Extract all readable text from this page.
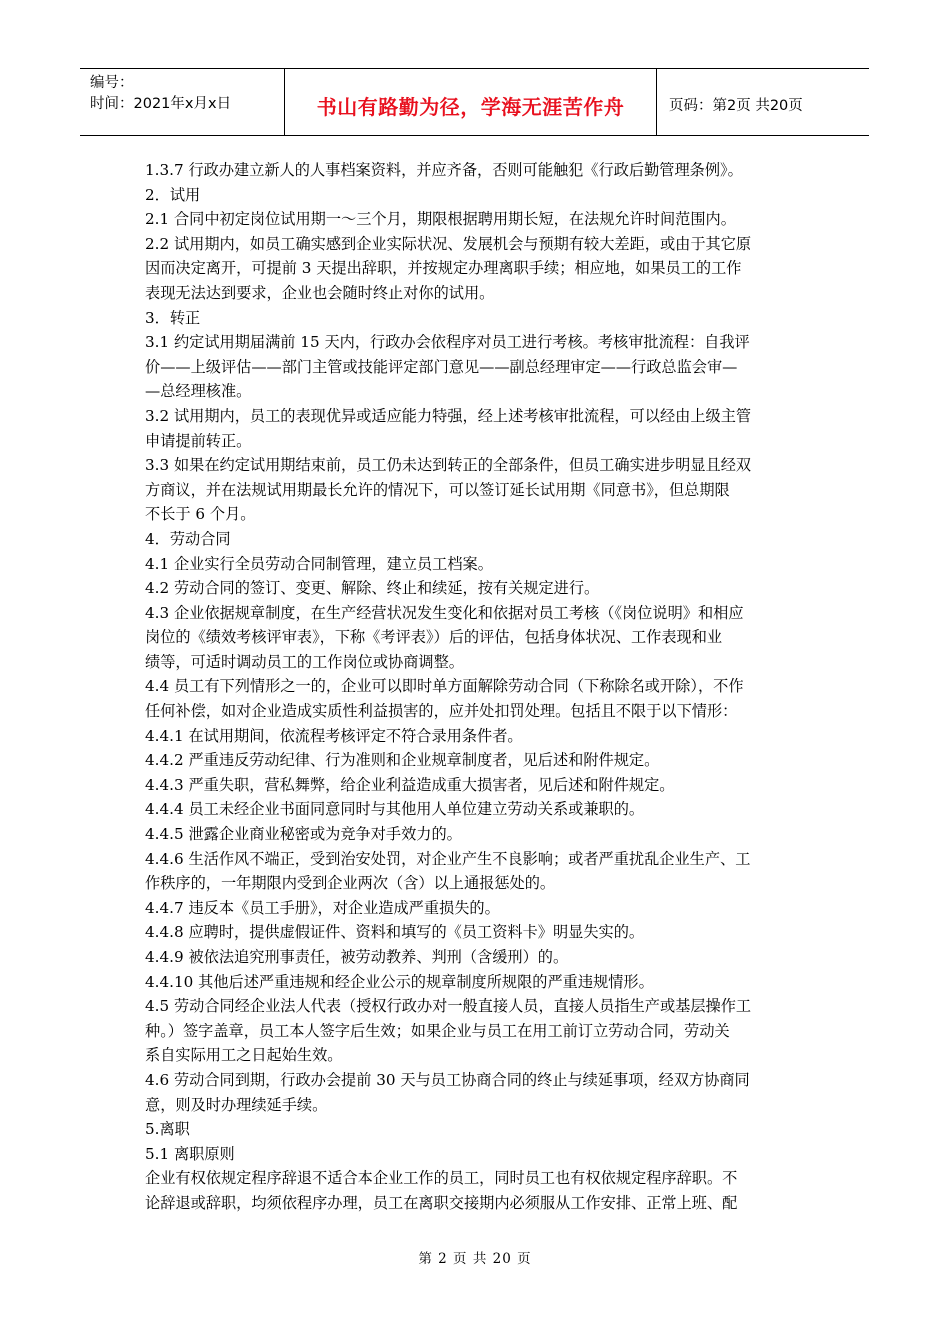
编号：
时间：2021年x月x日	书山有路勤为径，学海无涯苦作舟	页码：第2页 共20页
1.3.7 行政办建立新人的人事档案资料，并应齐备，否则可能触犯《行政后勤管理条例》。
2．试用
2.1 合同中初定岗位试用期一～三个月，期限根据聘用期长短，在法规允许时间范围内。
2.2 试用期内，如员工确实感到企业实际状况、发展机会与预期有较大差距，或由于其它原
因而决定离开，可提前 3 天提出辞职，并按规定办理离职手续；相应地，如果员工的工作
表现无法达到要求，企业也会随时终止对你的试用。
3．转正
3.1 约定试用期届满前 15 天内，行政办会依程序对员工进行考核。考核审批流程：自我评
价——上级评估——部门主管或技能评定部门意见——副总经理审定——行政总监会审—
—总经理核准。
3.2 试用期内，员工的表现优异或适应能力特强，经上述考核审批流程，可以经由上级主管
申请提前转正。
3.3 如果在约定试用期结束前，员工仍未达到转正的全部条件，但员工确实进步明显且经双
方商议，并在法规试用期最长允许的情况下，可以签订延长试用期《同意书》，但总期限
不长于 6 个月。
4．劳动合同
4.1 企业实行全员劳动合同制管理，建立员工档案。
4.2 劳动合同的签订、变更、解除、终止和续延，按有关规定进行。
4.3 企业依据规章制度，在生产经营状况发生变化和依据对员工考核（《岗位说明》和相应
岗位的《绩效考核评审表》，下称《考评表》）后的评估，包括身体状况、工作表现和业
绩等，可适时调动员工的工作岗位或协商调整。
4.4 员工有下列情形之一的，企业可以即时单方面解除劳动合同（下称除名或开除），不作
任何补偿，如对企业造成实质性利益损害的，应并处扣罚处理。包括且不限于以下情形：
4.4.1 在试用期间，依流程考核评定不符合录用条件者。
4.4.2 严重违反劳动纪律、行为准则和企业规章制度者，见后述和附件规定。
4.4.3 严重失职，营私舞弊，给企业利益造成重大损害者，见后述和附件规定。
4.4.4 员工未经企业书面同意同时与其他用人单位建立劳动关系或兼职的。
4.4.5 泄露企业商业秘密或为竞争对手效力的。
4.4.6 生活作风不端正，受到治安处罚，对企业产生不良影响；或者严重扰乱企业生产、工
作秩序的，一年期限内受到企业两次（含）以上通报惩处的。
4.4.7 违反本《员工手册》，对企业造成严重损失的。
4.4.8 应聘时，提供虚假证件、资料和填写的《员工资料卡》明显失实的。
4.4.9 被依法追究刑事责任，被劳动教养、判刑（含缓刑）的。
4.4.10 其他后述严重违规和经企业公示的规章制度所规限的严重违规情形。
4.5 劳动合同经企业法人代表（授权行政办对一般直接人员，直接人员指生产或基层操作工
种。）签字盖章，员工本人签字后生效；如果企业与员工在用工前订立劳动合同，劳动关
系自实际用工之日起始生效。
4.6 劳动合同到期，行政办会提前 30 天与员工协商合同的终止与续延事项，经双方协商同
意，则及时办理续延手续。
5.离职
5.1 离职原则
企业有权依规定程序辞退不适合本企业工作的员工，同时员工也有权依规定程序辞职。不
论辞退或辞职，均须依程序办理，员工在离职交接期内必须服从工作安排、正常上班、配
第 2 页 共 20 页
